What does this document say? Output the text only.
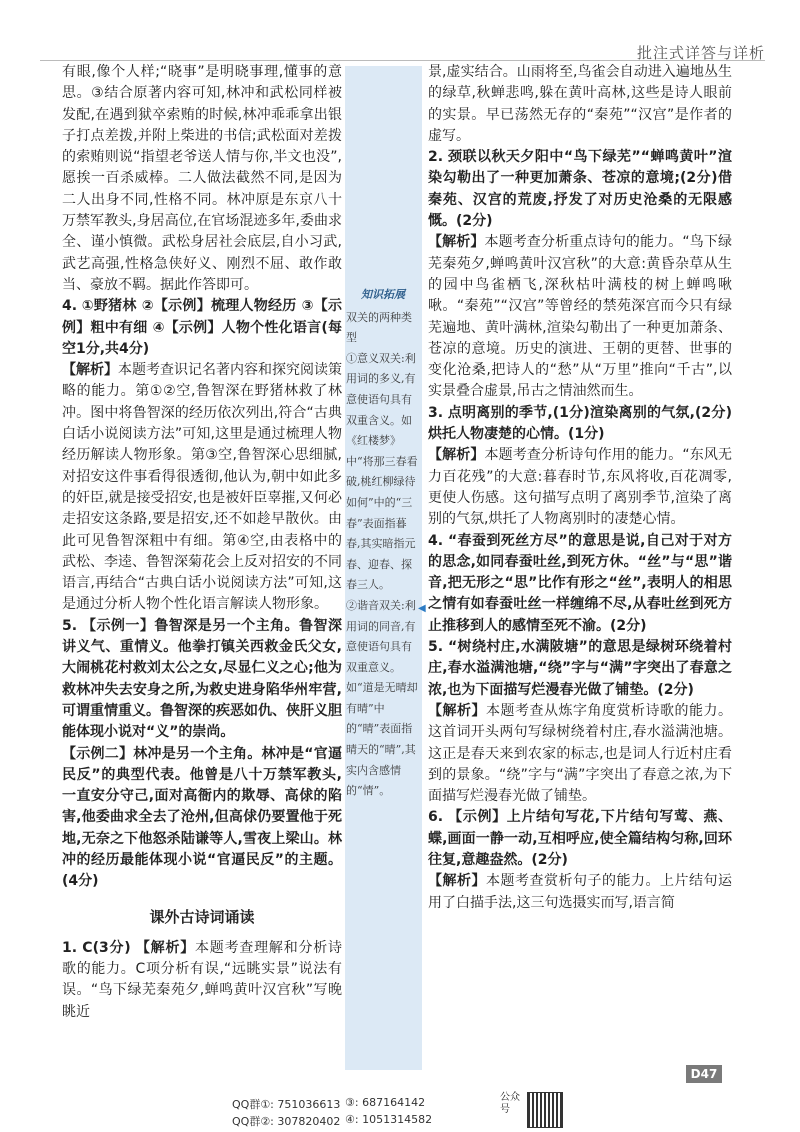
批注式详答与详析

有眼,像个人样;“晓事”是明晓事理,懂事的意思。③结合原著内容可知,林冲和武松同样被发配,在遇到狱卒索贿的时候,林冲乖乖拿出银子打点差拨,并附上柴进的书信;武松面对差拨的索贿则说“指望老爷送人情与你,半文也没”,愿挨一百杀威棒。二人做法截然不同,是因为二人出身不同,性格不同。林冲原是东京八十万禁军教头,身居高位,在官场混迹多年,委曲求全、谨小慎微。武松身居社会底层,自小习武,武艺高强,性格急侠好义、刚烈不屈、敢作敢当、豪放不羁。据此作答即可。

4. ①野猪林 ②【示例】梳理人物经历 ③【示例】粗中有细 ④【示例】人物个性化语言(每空1分,共4分)

【解析】本题考查识记名著内容和探究阅读策略的能力。第①②空,鲁智深在野猪林救了林冲。图中将鲁智深的经历依次列出,符合“古典白话小说阅读方法”可知,这里是通过梳理人物经历解读人物形象。第③空,鲁智深心思细腻,对招安这件事看得很透彻,他认为,朝中如此多的奸臣,就是接受招安,也是被奸臣辜摧,又何必走招安这条路,要是招安,还不如趁早散伙。由此可见鲁智深粗中有细。第④空,由表格中的武松、李逵、鲁智深菊花会上反对招安的不同语言,再结合“古典白话小说阅读方法”可知,这是通过分析人物个性化语言解读人物形象。

5. 【示例一】鲁智深是另一个主角。鲁智深讲义气、重情义。他拳打镇关西救金氏父女,大闹桃花村救刘太公之女,尽显仁义之心;他为救林冲失去安身之所,为救史进身陷华州牢营,可谓重情重义。鲁智深的疾恶如仇、侠肝义胆能体现小说对“义”的崇尚。

【示例二】林冲是另一个主角。林冲是“官逼民反”的典型代表。他曾是八十万禁军教头,一直安分守己,面对高衙内的欺辱、高俅的陷害,他委曲求全去了沧州,但高俅仍要置他于死地,无奈之下他怒杀陆谦等人,雪夜上梁山。林冲的经历最能体现小说“官逼民反”的主题。(4分)

课外古诗词诵读

1. C(3分) 【解析】本题考查理解和分析诗歌的能力。C项分析有误,“远眺实景”说法有误。“鸟下绿芜秦苑夕,蝉鸣黄叶汉宫秋”写晚眺近

知识拓展

双关的两种类型

①意义双关:利用词的多义,有意使语句具有双重含义。如《红楼梦》中“将那三春看破,桃红柳绿待如何”中的“三春”表面指暮春,其实暗指元春、迎春、探春三人。

②谐音双关:利用词的同音,有意使语句具有双重意义。如“道是无晴却有晴”中的“晴”表面指晴天的“晴”,其实内含感情的“情”。

◀

景,虚实结合。山雨将至,鸟雀会自动进入遍地丛生的绿草,秋蝉悲鸣,躲在黄叶高林,这些是诗人眼前的实景。早已荡然无存的“秦苑”“汉宫”是作者的虚写。

2. 颈联以秋天夕阳中“鸟下绿芜”“蝉鸣黄叶”渲染勾勒出了一种更加萧条、苍凉的意境;(2分)借秦苑、汉宫的荒废,抒发了对历史沧桑的无限感慨。(2分)

【解析】本题考查分析重点诗句的能力。“鸟下绿芜秦苑夕,蝉鸣黄叶汉宫秋”的大意:黄昏杂草从生的园中鸟雀栖飞,深秋枯叶满枝的树上蝉鸣啾啾。“秦苑”“汉宫”等曾经的禁苑深宫而今只有绿芜遍地、黄叶满林,渲染勾勒出了一种更加萧条、苍凉的意境。历史的演进、王朝的更替、世事的变化沧桑,把诗人的“愁”从“万里”推向“千古”,以实景叠合虚景,吊古之情油然而生。

3. 点明离别的季节,(1分)渲染离别的气氛,(2分)烘托人物凄楚的心情。(1分)

【解析】本题考查分析诗句作用的能力。“东风无力百花残”的大意:暮春时节,东风将收,百花凋零,更使人伤感。这句描写点明了离别季节,渲染了离别的气氛,烘托了人物离别时的凄楚心情。

4. “春蚕到死丝方尽”的意思是说,自己对于对方的思念,如同春蚕吐丝,到死方休。“丝”与“思”谐音,把无形之“思”比作有形之“丝”,表明人的相思之情有如春蚕吐丝一样缠绵不尽,从春吐丝到死方止推移到人的感情至死不渝。(2分)

5. “树绕村庄,水满陂塘”的意思是绿树环绕着村庄,春水溢满池塘,“绕”字与“满”字突出了春意之浓,也为下面描写烂漫春光做了铺垫。(2分)

【解析】本题考查从炼字角度赏析诗歌的能力。这首词开头两句写绿树绕着村庄,春水溢满池塘。这正是春天来到农家的标志,也是词人行近村庄看到的景象。“绕”字与“满”字突出了春意之浓,为下面描写烂漫春光做了铺垫。

6. 【示例】上片结句写花,下片结句写莺、燕、蝶,画面一静一动,互相呼应,使全篇结构匀称,回环往复,意趣盎然。(2分)

【解析】本题考查赏析句子的能力。上片结句运用了白描手法,这三句选摄实而写,语言简

D47
QQ群①: 751036613
QQ群②: 307820402
③: 687164142
④: 1051314582
公众号
